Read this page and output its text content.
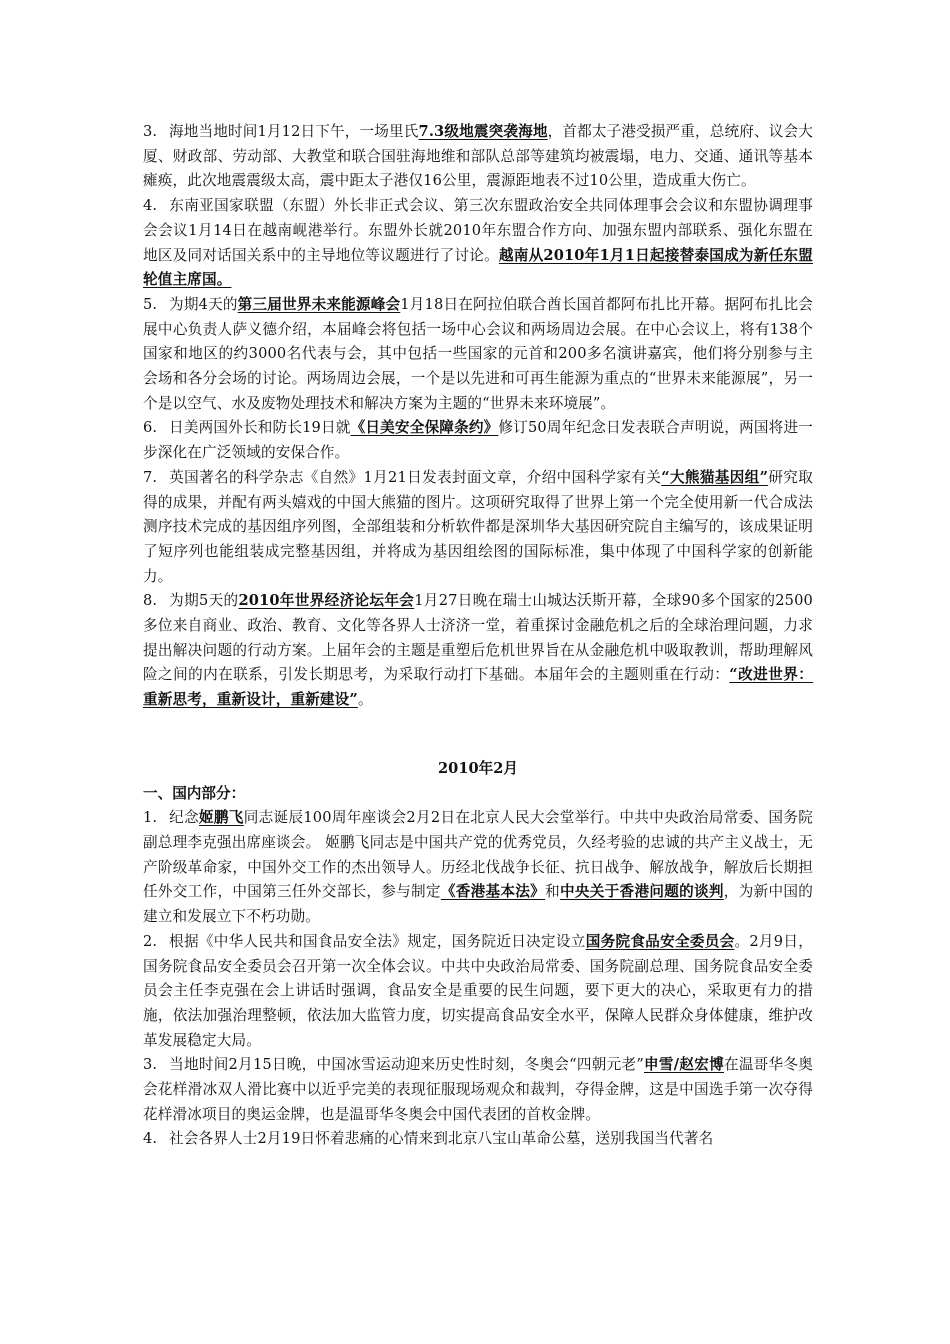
3. 海地当地时间1月12日下午，一场里氏7.3级地震突袭海地，首都太子港受损严重，总统府、议会大厦、财政部、劳动部、大教堂和联合国驻海地维和部队总部等建筑均被震塌，电力、交通、通讯等基本瘫痪，此次地震震级太高，震中距太子港仅16公里，震源距地表不过10公里，造成重大伤亡。

4. 东南亚国家联盟（东盟）外长非正式会议、第三次东盟政治安全共同体理事会会议和东盟协调理事会会议1月14日在越南岘港举行。东盟外长就2010年东盟合作方向、加强东盟内部联系、强化东盟在地区及同对话国关系中的主导地位等议题进行了讨论。越南从2010年1月1日起接替泰国成为新任东盟轮值主席国。

5. 为期4天的第三届世界未来能源峰会1月18日在阿拉伯联合酋长国首都阿布扎比开幕。据阿布扎比会展中心负责人萨义德介绍，本届峰会将包括一场中心会议和两场周边会展。在中心会议上，将有138个国家和地区的约3000名代表与会，其中包括一些国家的元首和200多名演讲嘉宾，他们将分别参与主会场和各分会场的讨论。两场周边会展，一个是以先进和可再生能源为重点的“世界未来能源展”，另一个是以空气、水及废物处理技术和解决方案为主题的“世界未来环境展”。

6. 日美两国外长和防长19日就《日美安全保障条约》修订50周年纪念日发表联合声明说，两国将进一步深化在广泛领域的安保合作。

7. 英国著名的科学杂志《自然》1月21日发表封面文章，介绍中国科学家有关“大熊猫基因组”研究取得的成果，并配有两头嬉戏的中国大熊猫的图片。这项研究取得了世界上第一个完全使用新一代合成法测序技术完成的基因组序列图，全部组装和分析软件都是深圳华大基因研究院自主编写的，该成果证明了短序列也能组装成完整基因组，并将成为基因组绘图的国际标准，集中体现了中国科学家的创新能力。

8. 为期5天的2010年世界经济论坛年会1月27日晚在瑞士山城达沃斯开幕，全球90多个国家的2500多位来自商业、政治、教育、文化等各界人士济济一堂，着重探讨金融危机之后的全球治理问题，力求提出解决问题的行动方案。上届年会的主题是重塑后危机世界旨在从金融危机中吸取教训，帮助理解风险之间的内在联系，引发长期思考，为采取行动打下基础。本届年会的主题则重在行动：“改进世界：重新思考，重新设计，重新建设”。

2010年2月
一、国内部分：

1. 纪念姬鹏飞同志诞辰100周年座谈会2月2日在北京人民大会堂举行。中共中央政治局常委、国务院副总理李克强出席座谈会。 姬鹏飞同志是中国共产党的优秀党员，久经考验的忠诚的共产主义战士，无产阶级革命家，中国外交工作的杰出领导人。历经北伐战争长征、抗日战争、解放战争，解放后长期担任外交工作，中国第三任外交部长，参与制定《香港基本法》和中央关于香港问题的谈判，为新中国的建立和发展立下不朽功勋。

2. 根据《中华人民共和国食品安全法》规定，国务院近日决定设立国务院食品安全委员会。2月9日，国务院食品安全委员会召开第一次全体会议。中共中央政治局常委、国务院副总理、国务院食品安全委员会主任李克强在会上讲话时强调，食品安全是重要的民生问题，要下更大的决心，采取更有力的措施，依法加强治理整顿，依法加大监管力度，切实提高食品安全水平，保障人民群众身体健康，维护改革发展稳定大局。

3. 当地时间2月15日晚，中国冰雪运动迎来历史性时刻，冬奥会“四朝元老”申雪/赵宏博在温哥华冬奥会花样滑冰双人滑比赛中以近乎完美的表现征服现场观众和裁判，夺得金牌，这是中国选手第一次夺得花样滑冰项目的奥运金牌，也是温哥华冬奥会中国代表团的首枚金牌。

4. 社会各界人士2月19日怀着悲痛的心情来到北京八宝山革命公墓，送别我国当代著名
